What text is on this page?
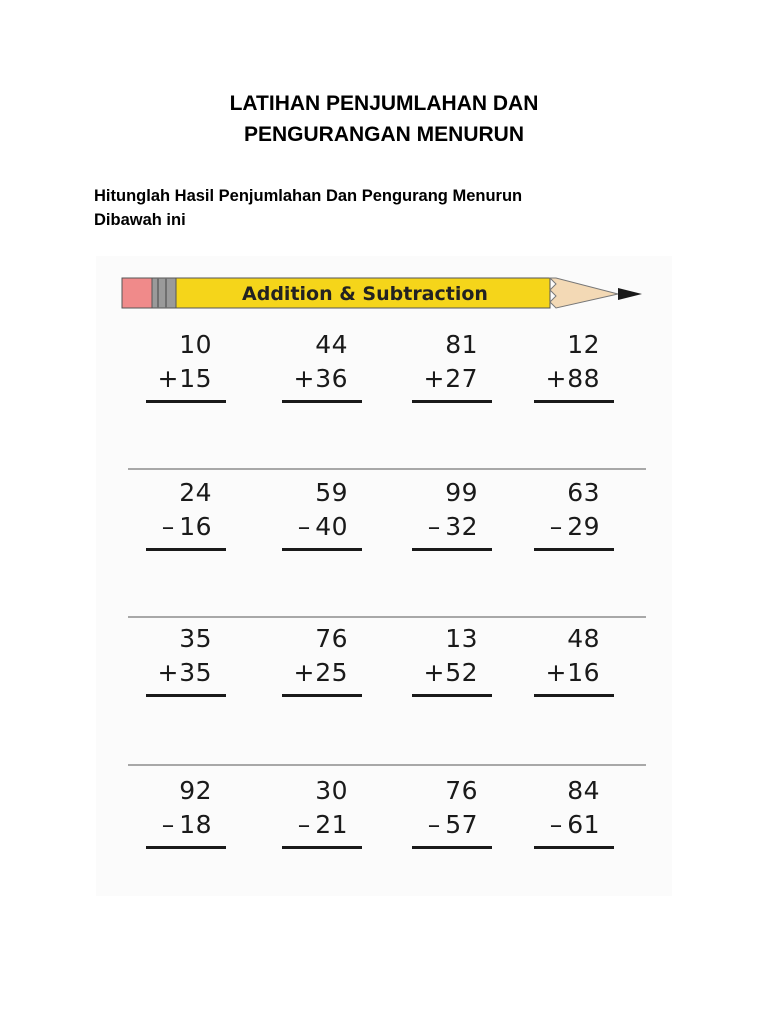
LATIHAN PENJUMLAHAN DAN
PENGURANGAN MENURUN
Hitunglah Hasil Penjumlahan Dan Pengurang Menurun
Dibawah ini
Addition & Subtraction
10
+15
44
+36
81
+27
12
+88
24
– 16
59
– 40
99
– 32
63
– 29
35
+35
76
+25
13
+52
48
+16
92
– 18
30
– 21
76
– 57
84
– 61
